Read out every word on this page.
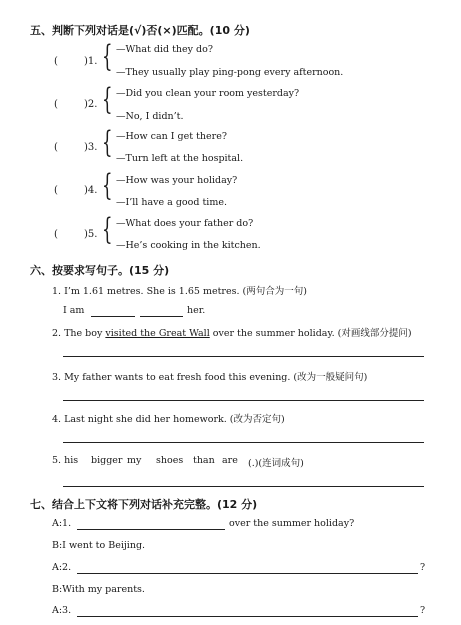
五、判断下列对话是(√)否(×)匹配。(10 分)
(	)1. { —What did they do?
—They usually play ping-pong every afternoon.
(	)2. { —Did you clean your room yesterday?
—No, I didn’t.
(	)3. { —How can I get there?
—Turn left at the hospital.
(	)4. { —How was your holiday?
—I’ll have a good time.
(	)5. { —What does your father do?
—He’s cooking in the kitchen.
六、按要求写句子。(15 分)
1. I’m 1.61 metres. She is 1.65 metres. (两句合为一句)
I am	her.
2. The boy visited the Great Wall over the summer holiday. (对画线部分提问)
3. My father wants to eat fresh food this evening. (改为一般疑问句)
4. Last night she did her homework. (改为否定句)
5. his bigger my shoes than are (.)(连词成句)
七、结合上下文将下列对话补充完整。(12 分)
A:1.	over the summer holiday?
B:I went to Beijing.
A:2.	?
B:With my parents.
A:3.	?
